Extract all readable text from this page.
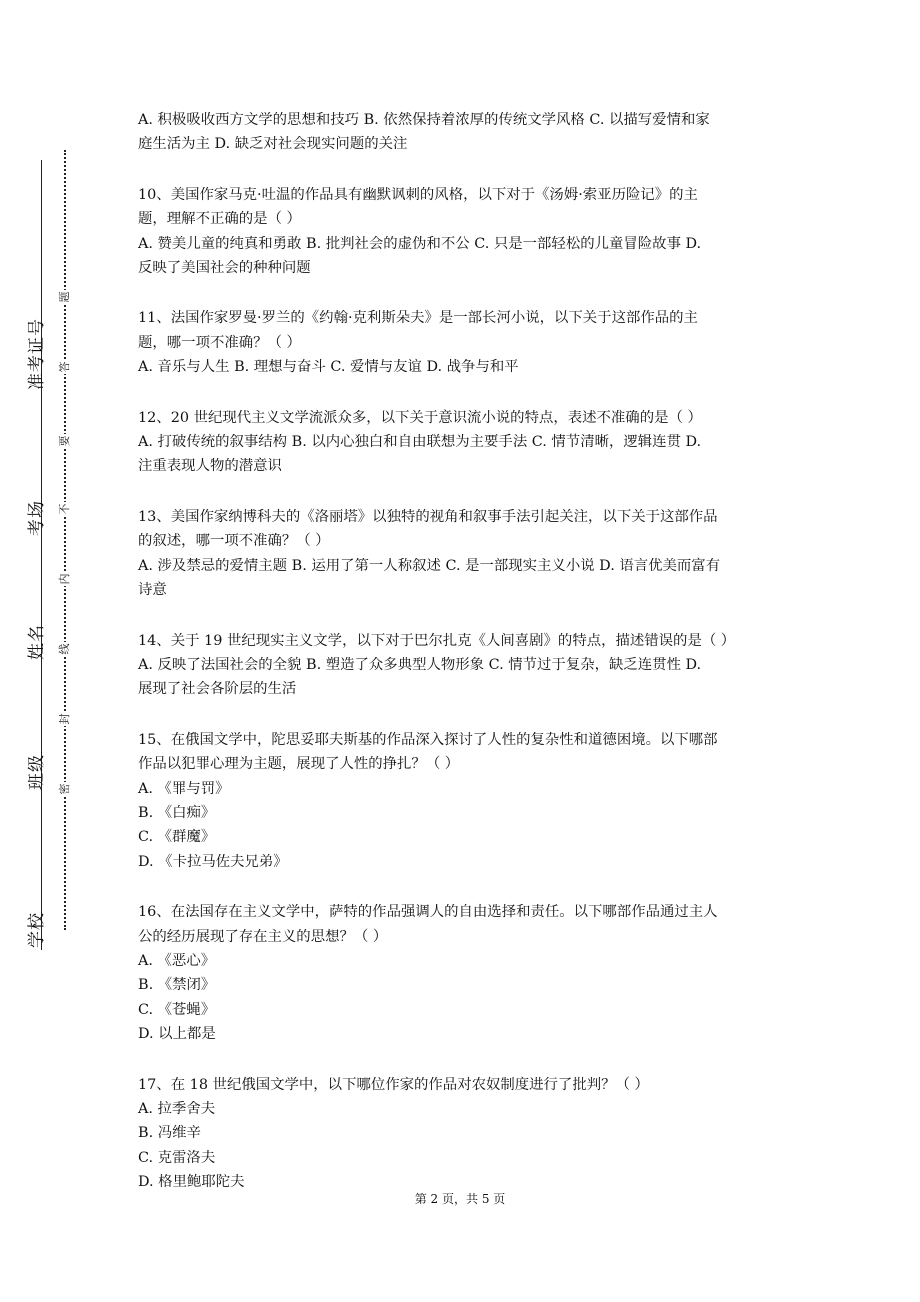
准考证号
考场
姓名
班级
学校
题
答
要
不
内
线
封
密
A. 积极吸收西方文学的思想和技巧 B. 依然保持着浓厚的传统文学风格 C. 以描写爱情和家
庭生活为主 D. 缺乏对社会现实问题的关注
10、美国作家马克·吐温的作品具有幽默讽刺的风格，以下对于《汤姆·索亚历险记》的主
题，理解不正确的是（ ）
A. 赞美儿童的纯真和勇敢 B. 批判社会的虚伪和不公 C. 只是一部轻松的儿童冒险故事 D.
反映了美国社会的种种问题
11、法国作家罗曼·罗兰的《约翰·克利斯朵夫》是一部长河小说，以下关于这部作品的主
题，哪一项不准确？（ ）
A. 音乐与人生 B. 理想与奋斗 C. 爱情与友谊 D. 战争与和平
12、20 世纪现代主义文学流派众多，以下关于意识流小说的特点，表述不准确的是（ ）
A. 打破传统的叙事结构 B. 以内心独白和自由联想为主要手法 C. 情节清晰，逻辑连贯 D.
注重表现人物的潜意识
13、美国作家纳博科夫的《洛丽塔》以独特的视角和叙事手法引起关注，以下关于这部作品
的叙述，哪一项不准确？（ ）
A. 涉及禁忌的爱情主题 B. 运用了第一人称叙述 C. 是一部现实主义小说 D. 语言优美而富有
诗意
14、关于 19 世纪现实主义文学，以下对于巴尔扎克《人间喜剧》的特点，描述错误的是（ ）
A. 反映了法国社会的全貌 B. 塑造了众多典型人物形象 C. 情节过于复杂，缺乏连贯性 D.
展现了社会各阶层的生活
15、在俄国文学中，陀思妥耶夫斯基的作品深入探讨了人性的复杂性和道德困境。以下哪部
作品以犯罪心理为主题，展现了人性的挣扎？（ ）
A. 《罪与罚》
B. 《白痴》
C. 《群魔》
D. 《卡拉马佐夫兄弟》
16、在法国存在主义文学中，萨特的作品强调人的自由选择和责任。以下哪部作品通过主人
公的经历展现了存在主义的思想？（ ）
A. 《恶心》
B. 《禁闭》
C. 《苍蝇》
D. 以上都是
17、在 18 世纪俄国文学中，以下哪位作家的作品对农奴制度进行了批判？（ ）
A. 拉季舍夫
B. 冯维辛
C. 克雷洛夫
D. 格里鲍耶陀夫
第 2 页，共 5 页
